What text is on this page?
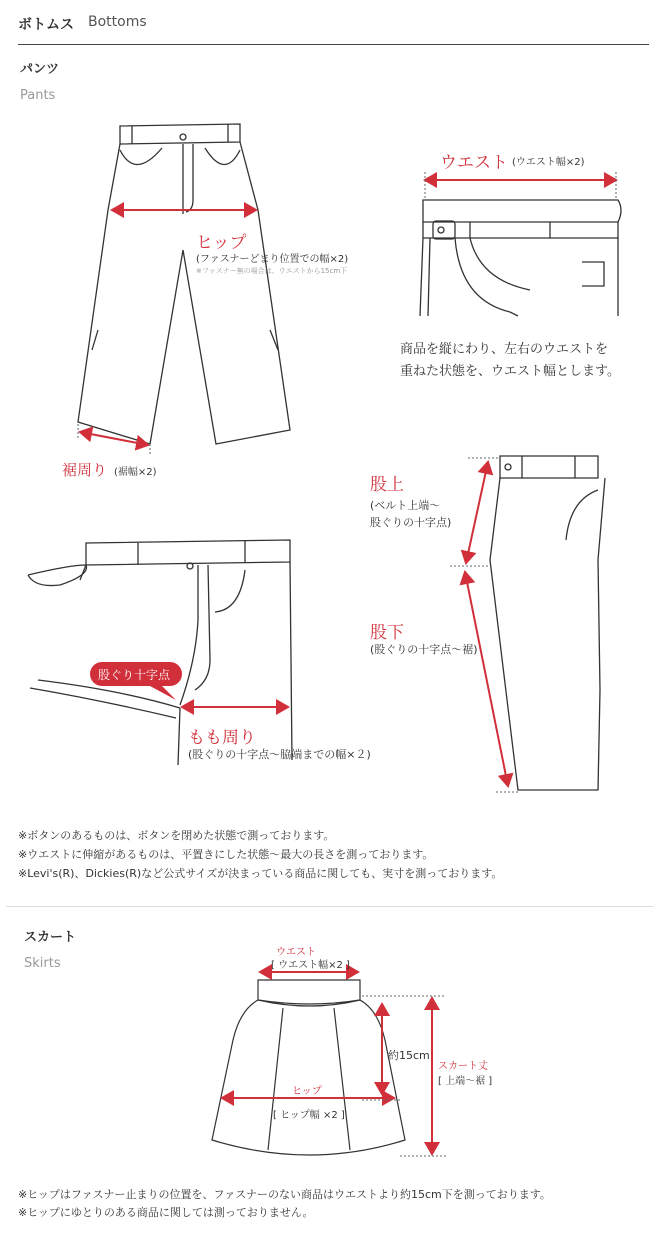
ボトムス Bottoms
パンツ
Pants
ウエスト (ウエスト幅×2)
商品を縦にわり、左右のウエストを
重ねた状態を、ウエスト幅とします。
ヒップ
(ファスナーどまり位置での幅×2)
※ファスナー無の場合は、ウエストから15cm下
裾周り (裾幅×2)
股上
(ベルト上端〜
股ぐりの十字点)
股下
(股ぐりの十字点〜裾)
股ぐり十字点
もも周り
(股ぐりの十字点〜脇端までの幅×２)
※ボタンのあるものは、ボタンを閉めた状態で測っております。
※ウエストに伸縮があるものは、平置きにした状態〜最大の長さを測っております。
※Levi's(R)、Dickies(R)など公式サイズが決まっている商品に関しても、実寸を測っております。
スカート
Skirts
ウエスト
[ ウエスト幅×2 ]
ヒップ
[ ヒップ幅 ×2 ]
約15cm
スカート丈
[ 上端〜裾 ]
※ヒップはファスナー止まりの位置を、ファスナーのない商品はウエストより約15cm下を測っております。
※ヒップにゆとりのある商品に関しては測っておりません。
